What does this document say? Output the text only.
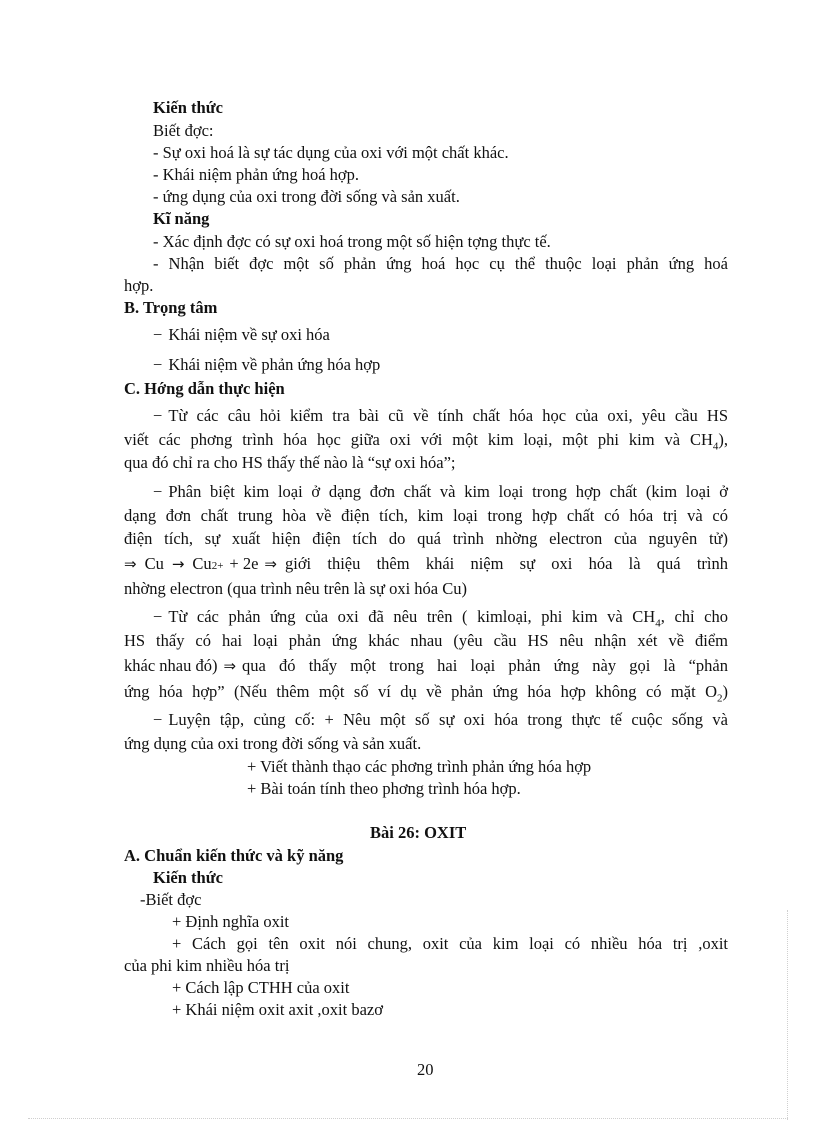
Kiến thức
Biết đợc:
- Sự oxi hoá là sự tác dụng của oxi với một chất khác.
- Khái niệm phản ứng hoá hợp.
- ứng dụng của oxi trong đời sống và sản xuất.
Kĩ năng
- Xác định đợc có sự oxi hoá trong một số hiện tợng thực tế.
- Nhận biết đợc một số phản ứng hoá học cụ thể thuộc loại phản ứng hoá
hợp.
B. Trọng tâm
− Khái niệm về sự oxi hóa
− Khái niệm về phản ứng hóa hợp
C. Hớng dẫn thực hiện
− Từ các câu hỏi kiểm tra bài cũ về tính chất hóa học của oxi, yêu cầu HS
viết các phơng trình hóa học giữa oxi với một kim loại, một phi kim và $CH_4$),
qua đó chỉ ra cho HS thấy thế nào là “sự oxi hóa”;
− Phân biệt kim loại ở dạng đơn chất và kim loại trong hợp chất (kim loại ở
dạng đơn chất trung hòa về điện tích, kim loại trong hợp chất có hóa trị và có
điện tích, sự xuất hiện điện tích do quá trình nhờng electron của nguyên tử)
⇒ Cu → Cu 2+ + 2e ⇒ giới thiệu thêm khái niệm sự oxi hóa là quá trình
nhờng electron (qua trình nêu trên là sự oxi hóa Cu)
− Từ các phản ứng của oxi đã nêu trên ( kimloại, phi kim và $CH_4$, chỉ cho
HS thấy có hai loại phản ứng khác nhau (yêu cầu HS nêu nhận xét về điểm
khác nhau đó) ⇒ qua đó thấy một trong hai loại phản ứng này gọi là “phản
ứng hóa hợp” (Nếu thêm một số ví dụ về phản ứng hóa hợp không có mặt $O_2$)
− Luyện tập, củng cố: + Nêu một số sự oxi hóa trong thực tế cuộc sống và
ứng dụng của oxi trong đời sống và sản xuất.
+ Viết thành thạo các phơng trình phản ứng hóa hợp
+ Bài toán tính theo phơng trình hóa hợp.
Bài 26: OXIT
A. Chuẩn kiến thức và kỹ năng
Kiến thức
-Biết đợc
+ Định nghĩa oxit
+ Cách gọi tên oxit nói chung, oxit của kim loại có nhiều hóa trị ,oxit
của phi kim nhiều hóa trị
+ Cách lập CTHH của oxit
+ Khái niệm oxit axit ,oxit bazơ
20
